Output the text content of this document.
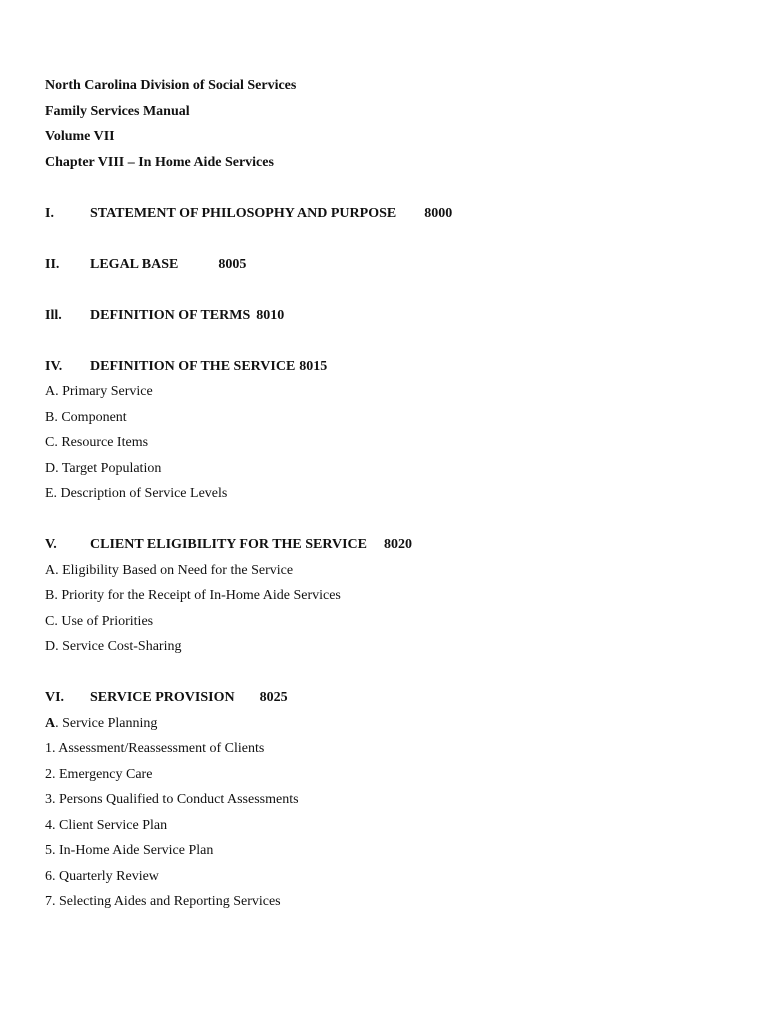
North Carolina Division of Social Services
Family Services Manual
Volume VII
Chapter VIII – In Home Aide Services
I.	STATEMENT OF PHILOSOPHY AND PURPOSE 8000
II. LEGAL BASE	8005
Ill. DEFINITION OF TERMS 8010
IV. DEFINITION OF THE SERVICE 8015
A. Primary Service
B. Component
C. Resource Items
D. Target Population
E. Description of Service Levels
V. CLIENT ELIGIBILITY FOR THE SERVICE 8020
A. Eligibility Based on Need for the Service
B. Priority for the Receipt of In-Home Aide Services
C. Use of Priorities
D. Service Cost-Sharing
VI. SERVICE PROVISION 8025
A. Service Planning
1. Assessment/Reassessment of Clients
2. Emergency Care
3. Persons Qualified to Conduct Assessments
4. Client Service Plan
5. In-Home Aide Service Plan
6. Quarterly Review
7. Selecting Aides and Reporting Services
